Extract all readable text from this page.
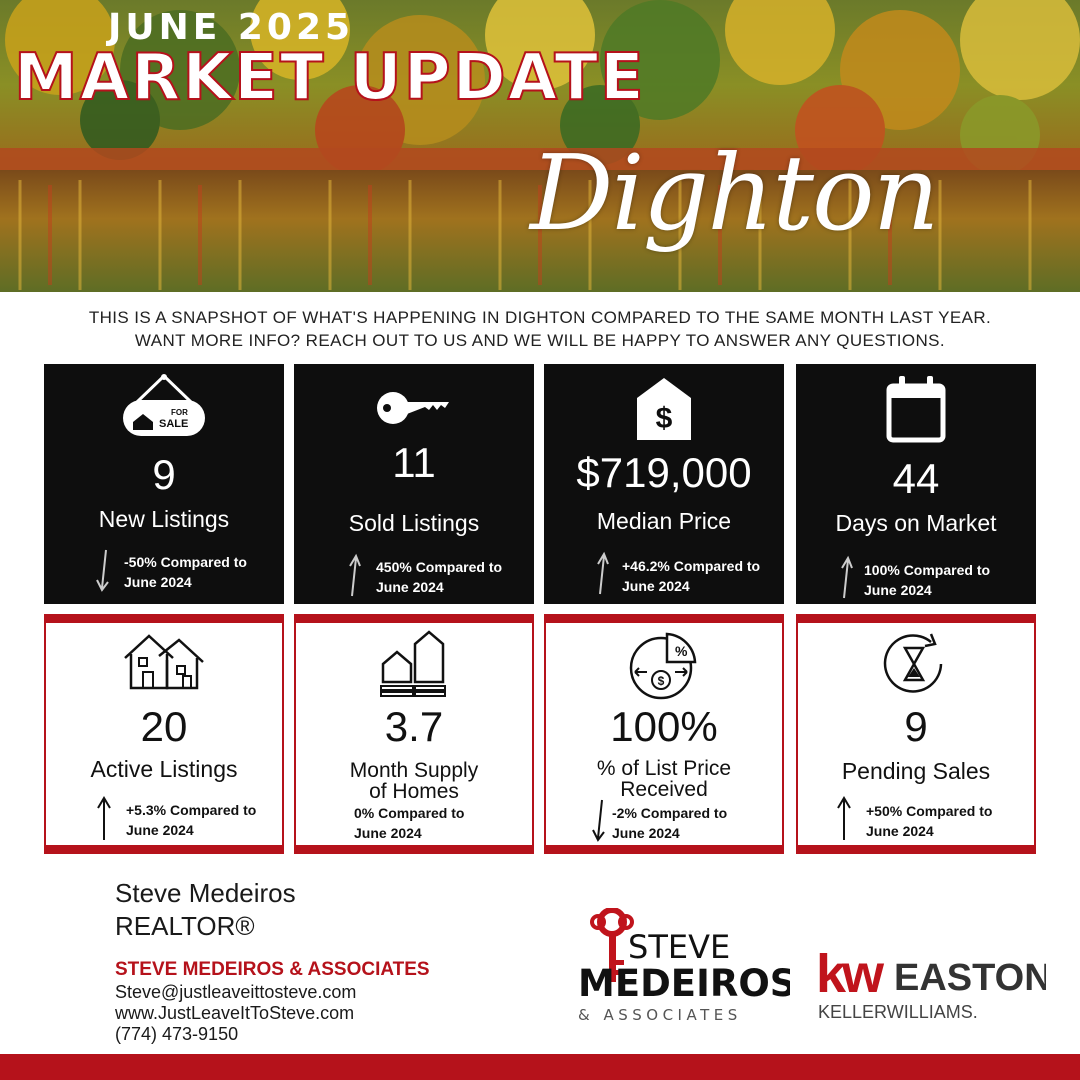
JUNE 2025
MARKET UPDATE
Dighton
THIS IS A SNAPSHOT OF WHAT'S HAPPENING IN DIGHTON COMPARED TO THE SAME MONTH LAST YEAR.
WANT MORE INFO? REACH OUT TO US AND WE WILL BE HAPPY TO ANSWER ANY QUESTIONS.
FOR
SALE
9
New Listings
-50% Compared to
June 2024
11
Sold Listings
450% Compared to
June 2024
$
$719,000
Median Price
+46.2% Compared to
June 2024
44
Days on Market
100% Compared to
June 2024
20
Active Listings
+5.3% Compared to
June 2024
3.7
Month Supply
of Homes
0% Compared to
June 2024
%
$
100%
% of List Price
Received
-2% Compared to
June 2024
9
Pending Sales
+50% Compared to
June 2024
Steve Medeiros
REALTOR®
STEVE MEDEIROS & ASSOCIATES
Steve@justleaveittosteve.com
www.JustLeaveItToSteve.com
(774) 473-9150
STEVE
MEDEIROS
& ASSOCIATES
kw EASTON
KELLERWILLIAMS.
